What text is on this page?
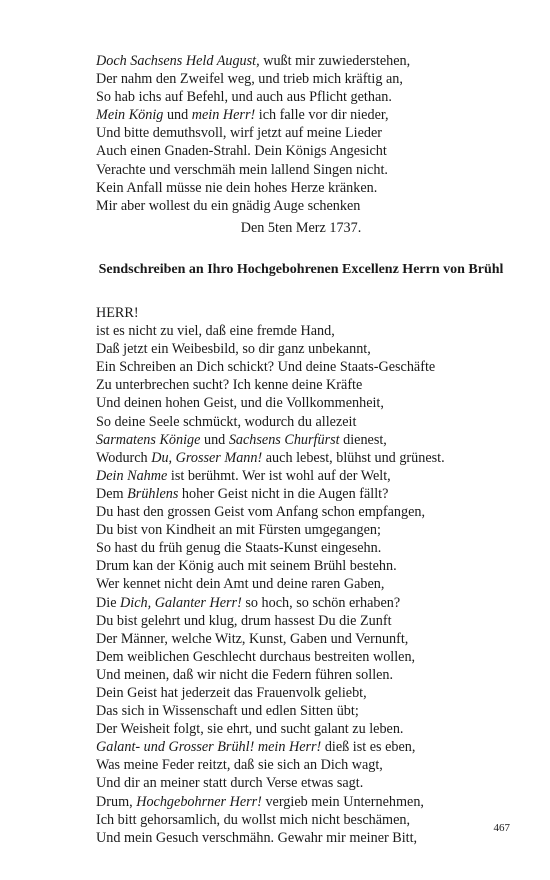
Doch Sachsens Held August, wußt mir zuwiederstehen,
Der nahm den Zweifel weg, und trieb mich kräftig an,
So hab ichs auf Befehl, und auch aus Pflicht gethan.
Mein König und mein Herr! ich falle vor dir nieder,
Und bitte demuthsvoll, wirf jetzt auf meine Lieder
Auch einen Gnaden-Strahl. Dein Königs Angesicht
Verachte und verschmäh mein lallend Singen nicht.
Kein Anfall müsse nie dein hohes Herze kränken.
Mir aber wollest du ein gnädig Auge schenken
Den 5ten Merz 1737.
Sendschreiben an Ihro Hochgebohrenen Excellenz Herrn von Brühl
HERR!
ist es nicht zu viel, daß eine fremde Hand,
Daß jetzt ein Weibesbild, so dir ganz unbekannt,
Ein Schreiben an Dich schickt? Und deine Staats-Geschäfte
Zu unterbrechen sucht? Ich kenne deine Kräfte
Und deinen hohen Geist, und die Vollkommenheit,
So deine Seele schmückt, wodurch du allezeit
Sarmatens Könige und Sachsens Churfürst dienest,
Wodurch Du, Grosser Mann! auch lebest, blühst und grünest.
Dein Nahme ist berühmt. Wer ist wohl auf der Welt,
Dem Brühlens hoher Geist nicht in die Augen fällt?
Du hast den grossen Geist vom Anfang schon empfangen,
Du bist von Kindheit an mit Fürsten umgegangen;
So hast du früh genug die Staats-Kunst eingesehn.
Drum kan der König auch mit seinem Brühl bestehn.
Wer kennet nicht dein Amt und deine raren Gaben,
Die Dich, Galanter Herr! so hoch, so schön erhaben?
Du bist gelehrt und klug, drum hassest Du die Zunft
Der Männer, welche Witz, Kunst, Gaben und Vernunft,
Dem weiblichen Geschlecht durchaus bestreiten wollen,
Und meinen, daß wir nicht die Federn führen sollen.
Dein Geist hat jederzeit das Frauenvolk geliebt,
Das sich in Wissenschaft und edlen Sitten übt;
Der Weisheit folgt, sie ehrt, und sucht galant zu leben.
Galant- und Grosser Brühl! mein Herr! dieß ist es eben,
Was meine Feder reitzt, daß sie sich an Dich wagt,
Und dir an meiner statt durch Verse etwas sagt.
Drum, Hochgebohrner Herr! vergieb mein Unternehmen,
Ich bitt gehorsamlich, du wollst mich nicht beschämen,
Und mein Gesuch verschmähn. Gewahr mir meiner Bitt,
467
